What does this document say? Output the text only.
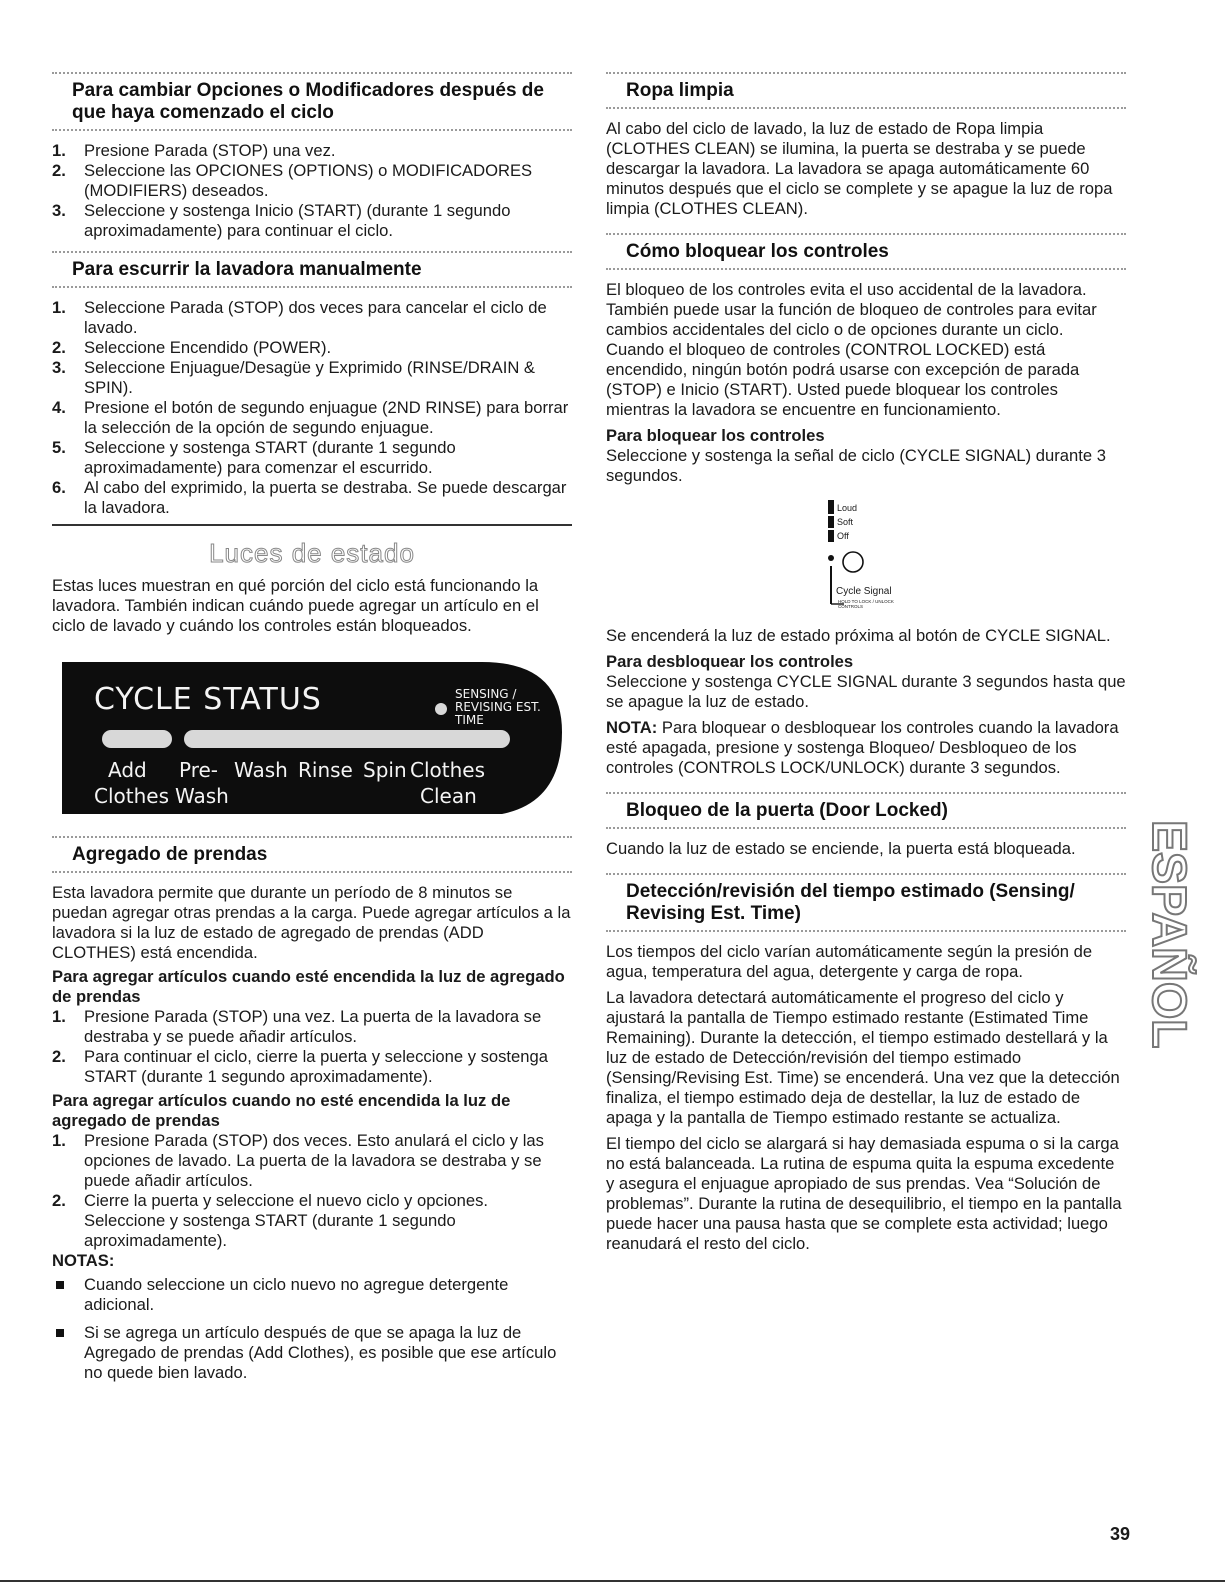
Para cambiar Opciones o Modificadores después de que haya comenzado el ciclo
1. Presione Parada (STOP) una vez.
2. Seleccione las OPCIONES (OPTIONS) o MODIFICADORES (MODIFIERS) deseados.
3. Seleccione y sostenga Inicio (START) (durante 1 segundo aproximadamente) para continuar el ciclo.
Para escurrir la lavadora manualmente
1. Seleccione Parada (STOP) dos veces para cancelar el ciclo de lavado.
2. Seleccione Encendido (POWER).
3. Seleccione Enjuague/Desagüe y Exprimido (RINSE/DRAIN & SPIN).
4. Presione el botón de segundo enjuague (2ND RINSE) para borrar la selección de la opción de segundo enjuague.
5. Seleccione y sostenga START (durante 1 segundo aproximadamente) para comenzar el escurrido.
6. Al cabo del exprimido, la puerta se destraba. Se puede descargar la lavadora.
Luces de estado

Estas luces muestran en qué porción del ciclo está funcionando la lavadora. También indican cuándo puede agregar un artículo en el ciclo de lavado y cuándo los controles están bloqueados.

CYCLE STATUS	SENSING /
REVISING EST. TIME
Add Pre- Wash Rinse Spin Clothes
Clothes Wash	Clean
Agregado de prendas

Esta lavadora permite que durante un período de 8 minutos se puedan agregar otras prendas a la carga. Puede agregar artículos a la lavadora si la luz de estado de agregado de prendas (ADD CLOTHES) está encendida.

Para agregar artículos cuando esté encendida la luz de agregado de prendas

1. Presione Parada (STOP) una vez. La puerta de la lavadora se destraba y se puede añadir artículos.
2. Para continuar el ciclo, cierre la puerta y seleccione y sostenga START (durante 1 segundo aproximadamente).

Para agregar artículos cuando no esté encendida la luz de agregado de prendas

1. Presione Parada (STOP) dos veces. Esto anulará el ciclo y las opciones de lavado. La puerta de la lavadora se destraba y se puede añadir artículos.
2. Cierre la puerta y seleccione el nuevo ciclo y opciones. Seleccione y sostenga START (durante 1 segundo aproximadamente).

NOTAS:

Cuando seleccione un ciclo nuevo no agregue detergente adicional.
Si se agrega un artículo después de que se apaga la luz de Agregado de prendas (Add Clothes), es posible que ese artículo no quede bien lavado.
Ropa limpia

Al cabo del ciclo de lavado, la luz de estado de Ropa limpia (CLOTHES CLEAN) se ilumina, la puerta se destraba y se puede descargar la lavadora. La lavadora se apaga automáticamente 60 minutos después que el ciclo se complete y se apague la luz de ropa limpia (CLOTHES CLEAN).

Cómo bloquear los controles

El bloqueo de los controles evita el uso accidental de la lavadora. También puede usar la función de bloqueo de controles para evitar cambios accidentales del ciclo o de opciones durante un ciclo. Cuando el bloqueo de controles (CONTROL LOCKED) está encendido, ningún botón podrá usarse con excepción de parada (STOP) e Inicio (START). Usted puede bloquear los controles mientras la lavadora se encuentre en funcionamiento.

Para bloquear los controles

Seleccione y sostenga la señal de ciclo (CYCLE SIGNAL) durante 3 segundos.

Loud
Soft
Off
Cycle Signal
HOLD TO LOCK / UNLOCK CONTROLS

Se encenderá la luz de estado próxima al botón de CYCLE SIGNAL.

Para desbloquear los controles

Seleccione y sostenga CYCLE SIGNAL durante 3 segundos hasta que se apague la luz de estado.

NOTA: Para bloquear o desbloquear los controles cuando la lavadora esté apagada, presione y sostenga Bloqueo/ Desbloqueo de los controles (CONTROLS LOCK/UNLOCK) durante 3 segundos.

Bloqueo de la puerta (Door Locked)

Cuando la luz de estado se enciende, la puerta está bloqueada.

Detección/revisión del tiempo estimado (Sensing/ Revising Est. Time)

Los tiempos del ciclo varían automáticamente según la presión de agua, temperatura del agua, detergente y carga de ropa.

La lavadora detectará automáticamente el progreso del ciclo y ajustará la pantalla de Tiempo estimado restante (Estimated Time Remaining). Durante la detección, el tiempo estimado destellará y la luz de estado de Detección/revisión del tiempo estimado (Sensing/Revising Est. Time) se encenderá. Una vez que la detección finaliza, el tiempo estimado deja de destellar, la luz de estado de apaga y la pantalla de Tiempo estimado restante se actualiza.

El tiempo del ciclo se alargará si hay demasiada espuma o si la carga no está balanceada. La rutina de espuma quita la espuma excedente y asegura el enjuague apropiado de sus prendas. Vea “Solución de problemas”. Durante la rutina de desequilibrio, el tiempo en la pantalla puede hacer una pausa hasta que se complete esta actividad; luego reanudará el resto del ciclo.

ESPAÑOL
39
